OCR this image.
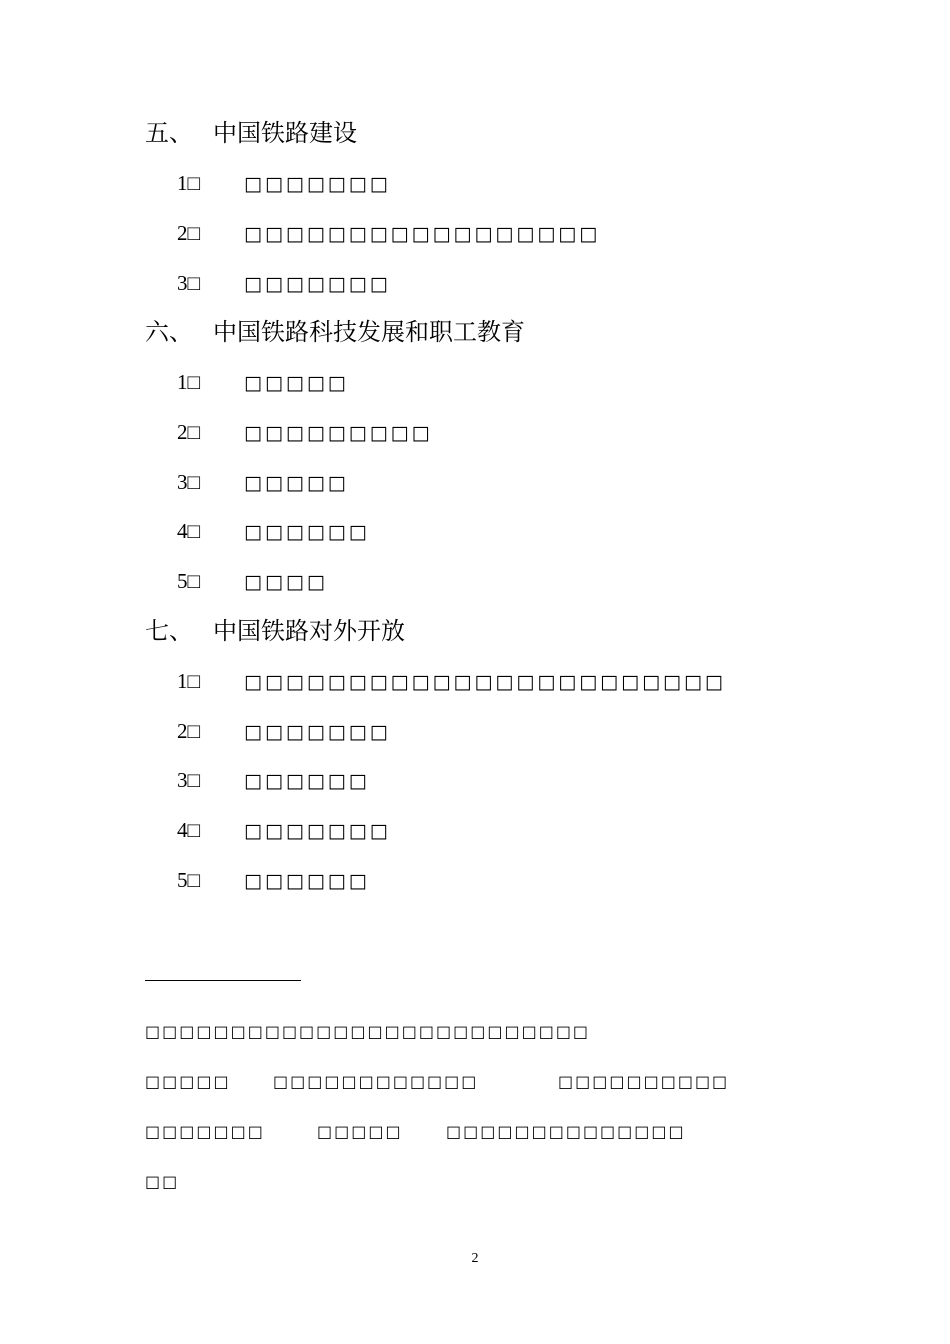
五、 中国铁路建设
1□ □□□□□□□
2□ □□□□□□□□□□□□□□□□□
3□ □□□□□□□
六、 中国铁路科技发展和职工教育
1□ □□□□□
2□ □□□□□□□□□
3□ □□□□□
4□ □□□□□□
5□ □□□□
七、 中国铁路对外开放
1□ □□□□□□□□□□□□□□□□□□□□□□□
2□ □□□□□□□
3□ □□□□□□
4□ □□□□□□□
5□ □□□□□□
□□□□□□□□□□□□□□□□□□□□□□□□□□
□□□□□	□□□□□□□□□□□□	□□□□□□□□□□
□□□□□□□	□□□□□	□□□□□□□□□□□□□□
□□
2
